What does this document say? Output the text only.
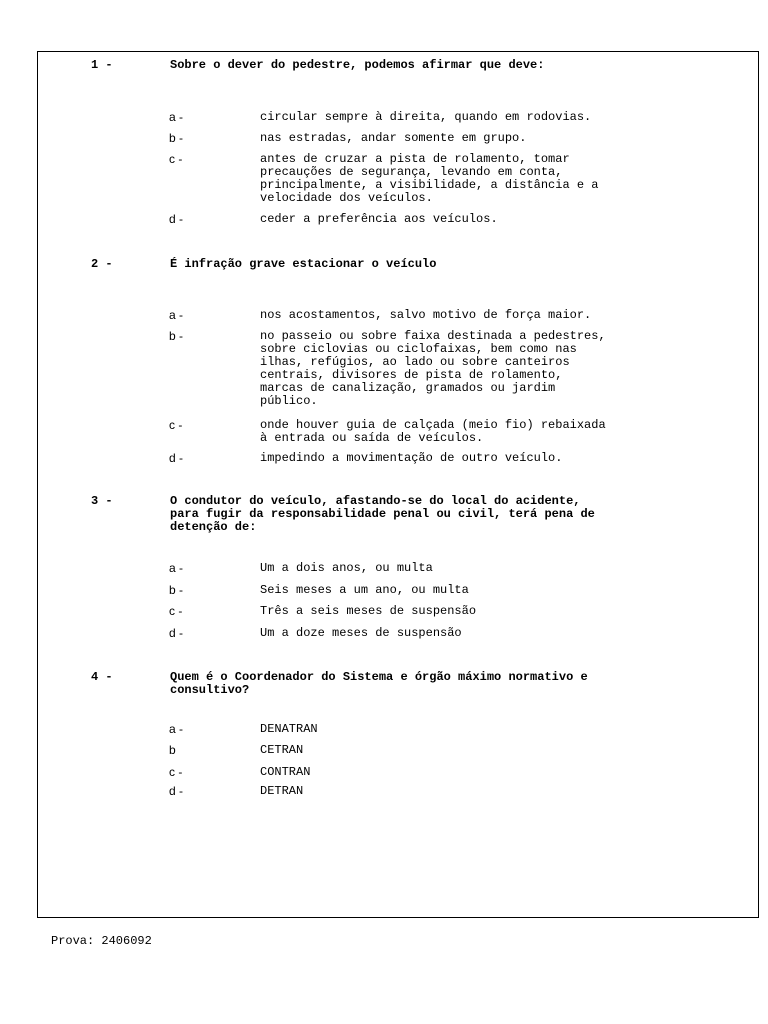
1 -	Sobre o dever do pedestre, podemos afirmar que deve:
a -	circular sempre à direita, quando em rodovias.
b -	nas estradas, andar somente em grupo.
c -	antes de cruzar a pista de rolamento, tomar
precauções de segurança, levando em conta,
principalmente, a visibilidade, a distância e a
velocidade dos veículos.
d -	ceder a preferência aos veículos.
2 -	É infração grave estacionar o veículo
a -	nos acostamentos, salvo motivo de força maior.
b -	no passeio ou sobre faixa destinada a pedestres,
sobre ciclovias ou ciclofaixas, bem como nas
ilhas, refúgios, ao lado ou sobre canteiros
centrais, divisores de pista de rolamento,
marcas de canalização, gramados ou jardim
público.
c -	onde houver guia de calçada (meio fio) rebaixada
à entrada ou saída de veículos.
d -	impedindo a movimentação de outro veículo.
3 -	O condutor do veículo, afastando-se do local do acidente,
para fugir da responsabilidade penal ou civil, terá pena de
detenção de:
a -	Um a dois anos, ou multa
b -	Seis meses a um ano, ou multa
c -	Três a seis meses de suspensão
d -	Um a doze meses de suspensão
4 -	Quem é o Coordenador do Sistema e órgão máximo normativo e
consultivo?
a -	DENATRAN
b	CETRAN
c -	CONTRAN
d -	DETRAN
Prova: 2406092
